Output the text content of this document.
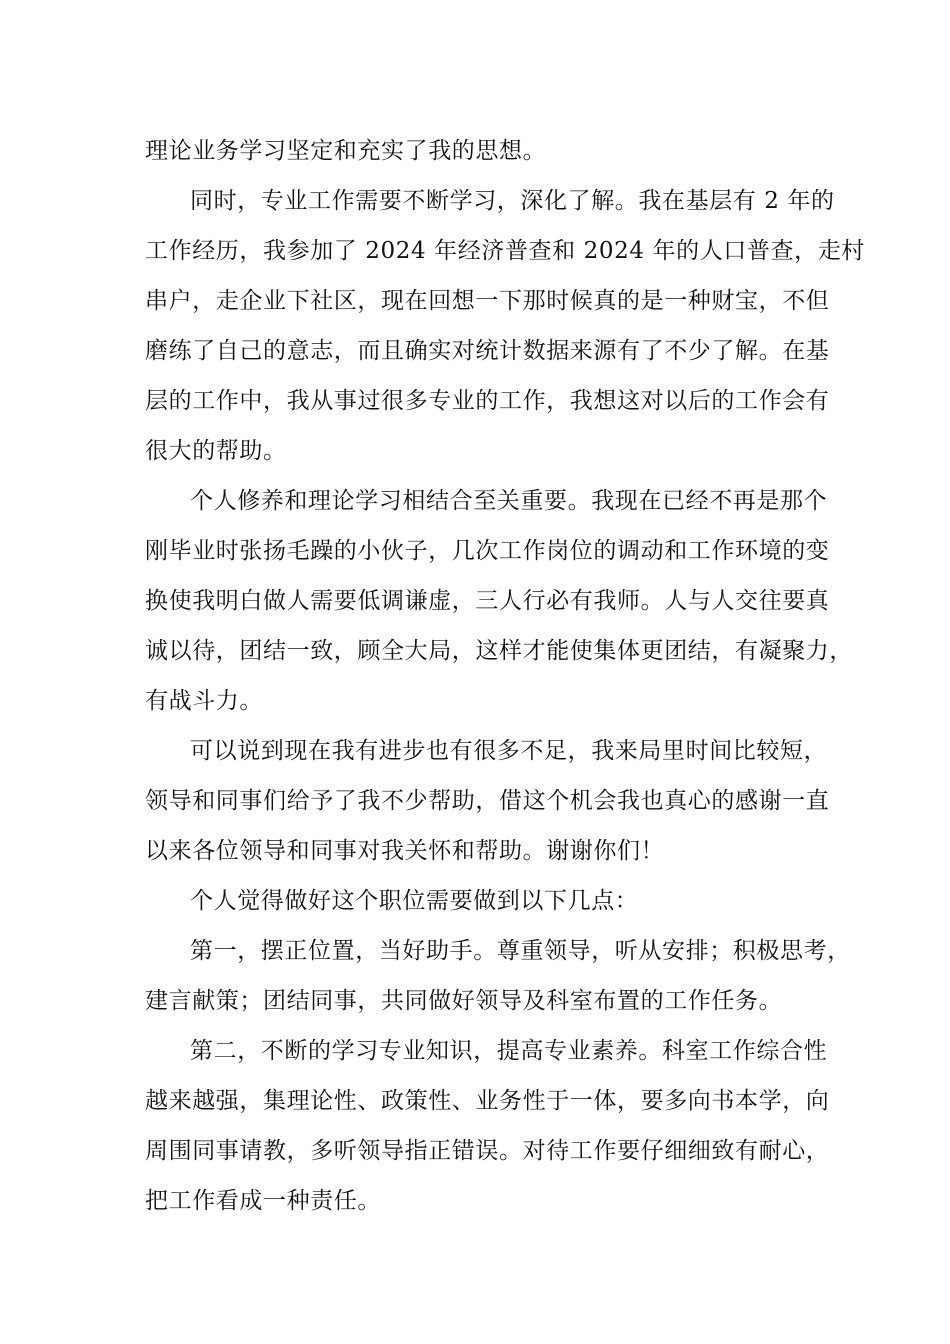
理论业务学习坚定和充实了我的思想。
同时，专业工作需要不断学习，深化了解。我在基层有 2 年的
工作经历，我参加了 2024 年经济普查和 2024 年的人口普查，走村
串户，走企业下社区，现在回想一下那时候真的是一种财宝，不但
磨练了自己的意志，而且确实对统计数据来源有了不少了解。在基
层的工作中，我从事过很多专业的工作，我想这对以后的工作会有
很大的帮助。
个人修养和理论学习相结合至关重要。我现在已经不再是那个
刚毕业时张扬毛躁的小伙子，几次工作岗位的调动和工作环境的变
换使我明白做人需要低调谦虚，三人行必有我师。人与人交往要真
诚以待，团结一致，顾全大局，这样才能使集体更团结，有凝聚力，
有战斗力。
可以说到现在我有进步也有很多不足，我来局里时间比较短，
领导和同事们给予了我不少帮助，借这个机会我也真心的感谢一直
以来各位领导和同事对我关怀和帮助。谢谢你们！
个人觉得做好这个职位需要做到以下几点：
第一，摆正位置，当好助手。尊重领导，听从安排；积极思考，
建言献策；团结同事，共同做好领导及科室布置的工作任务。
第二，不断的学习专业知识，提高专业素养。科室工作综合性
越来越强，集理论性、政策性、业务性于一体，要多向书本学，向
周围同事请教，多听领导指正错误。对待工作要仔细细致有耐心，
把工作看成一种责任。
